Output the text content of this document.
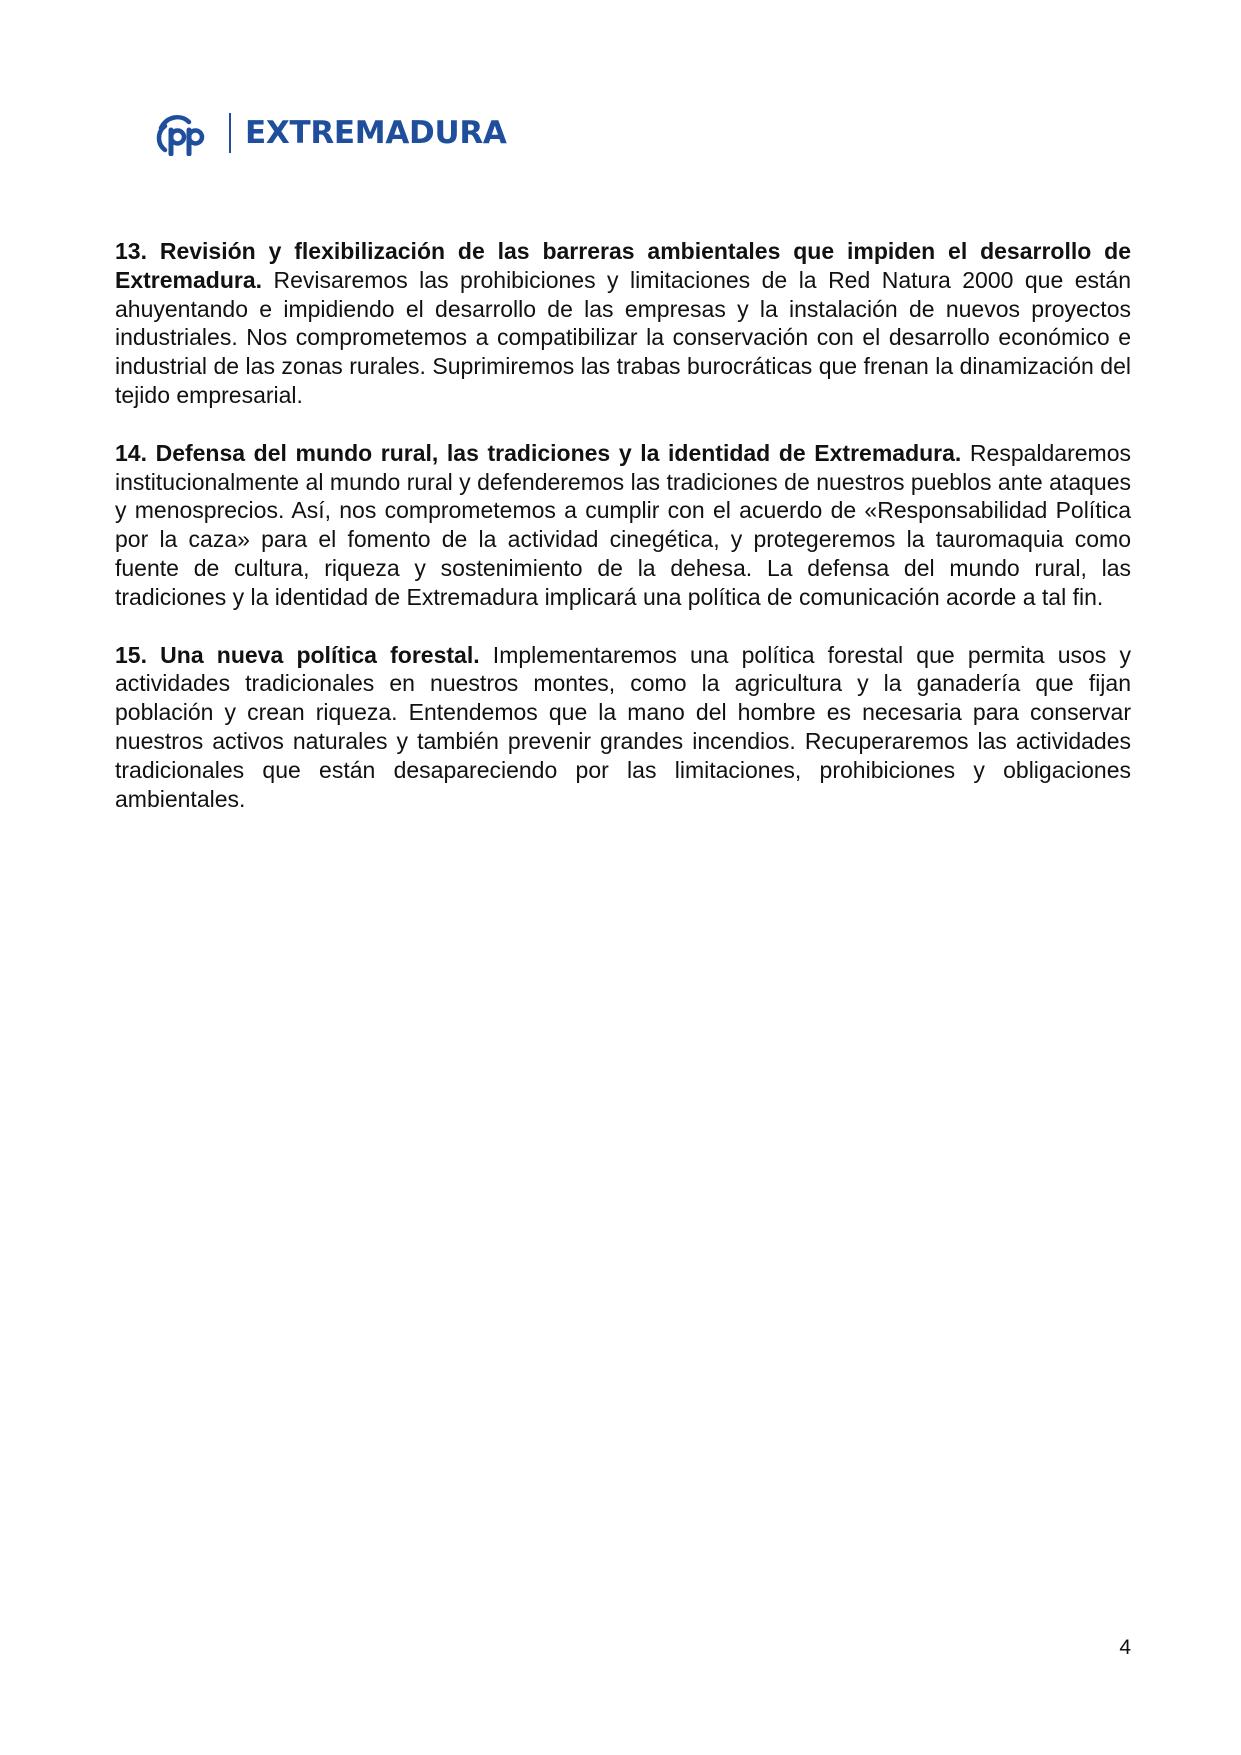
EXTREMADURA

13. Revisión y flexibilización de las barreras ambientales que impiden el desarrollo de Extremadura. Revisaremos las prohibiciones y limitaciones de la Red Natura 2000 que están ahuyentando e impidiendo el desarrollo de las empresas y la instalación de nuevos proyectos industriales. Nos comprometemos a compatibilizar la conservación con el desarrollo económico e industrial de las zonas rurales. Suprimiremos las trabas burocráticas que frenan la dinamización del tejido empresarial.

14. Defensa del mundo rural, las tradiciones y la identidad de Extremadura. Respaldaremos institucionalmente al mundo rural y defenderemos las tradiciones de nuestros pueblos ante ataques y menosprecios. Así, nos comprometemos a cumplir con el acuerdo de «Responsabilidad Política por la caza» para el fomento de la actividad cinegética, y protegeremos la tauromaquia como fuente de cultura, riqueza y sostenimiento de la dehesa. La defensa del mundo rural, las tradiciones y la identidad de Extremadura implicará una política de comunicación acorde a tal fin.

15. Una nueva política forestal. Implementaremos una política forestal que permita usos y actividades tradicionales en nuestros montes, como la agricultura y la ganadería que fijan población y crean riqueza. Entendemos que la mano del hombre es necesaria para conservar nuestros activos naturales y también prevenir grandes incendios. Recuperaremos las actividades tradicionales que están desapareciendo por las limitaciones, prohibiciones y obligaciones ambientales.

4
